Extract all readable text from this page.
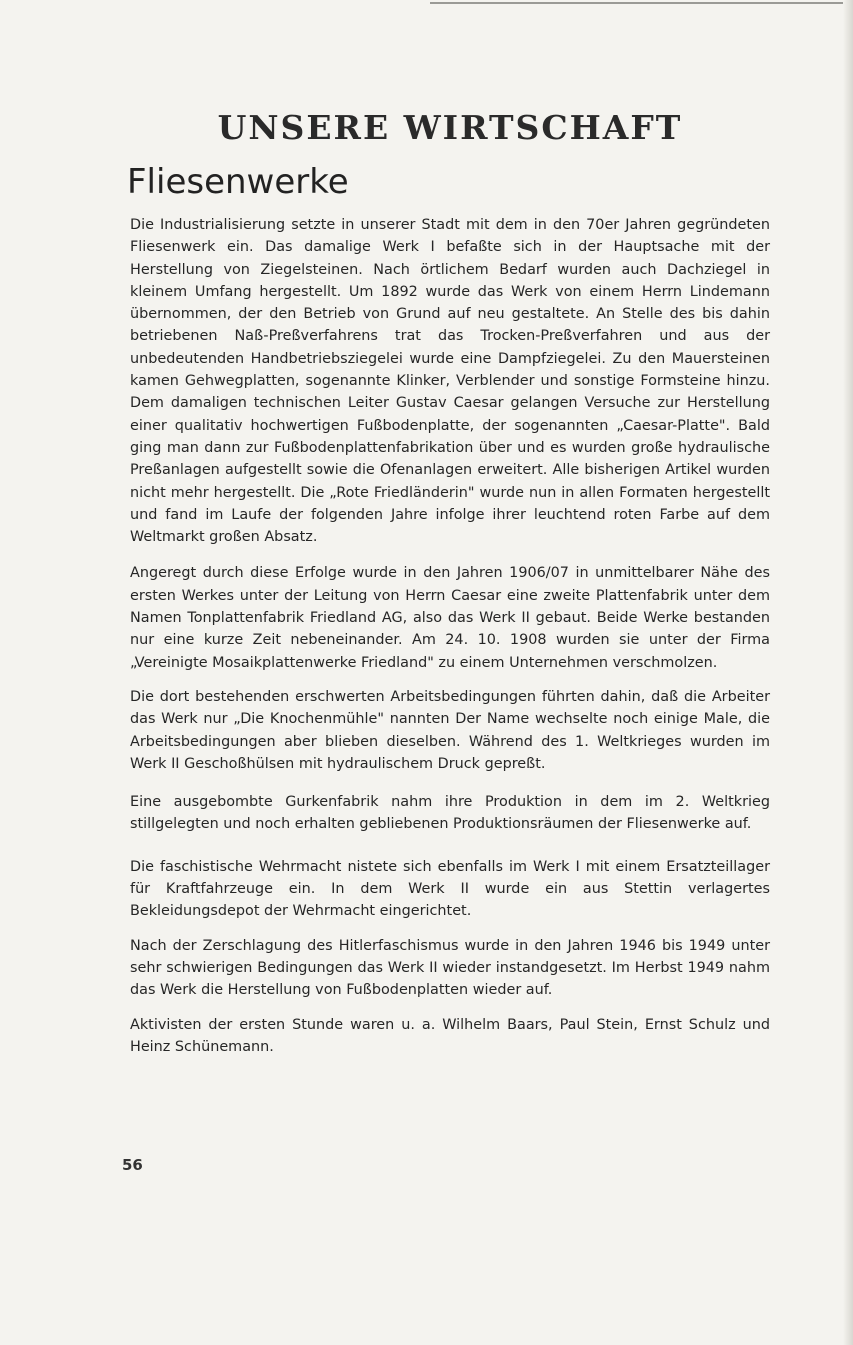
UNSERE WIRTSCHAFT
Fliesenwerke

Die Industrialisierung setzte in unserer Stadt mit dem in den 70er Jahren gegründeten Fliesenwerk ein. Das damalige Werk I befaßte sich in der Hauptsache mit der Herstellung von Ziegelsteinen. Nach örtlichem Bedarf wurden auch Dachziegel in kleinem Umfang hergestellt. Um 1892 wurde das Werk von einem Herrn Lindemann übernommen, der den Betrieb von Grund auf neu gestaltete. An Stelle des bis dahin betriebenen Naß-Preßverfahrens trat das Trocken-Preßverfahren und aus der unbedeutenden Handbetriebsziegelei wurde eine Dampfziegelei. Zu den Mauersteinen kamen Gehwegplatten, sogenannte Klinker, Verblender und sonstige Formsteine hinzu. Dem damaligen technischen Leiter Gustav Caesar gelangen Versuche zur Herstellung einer qualitativ hochwertigen Fußbodenplatte, der sogenannten „Caesar-Platte". Bald ging man dann zur Fußbodenplattenfabrikation über und es wurden große hydraulische Preßanlagen aufgestellt sowie die Ofenanlagen erweitert. Alle bisherigen Artikel wurden nicht mehr hergestellt. Die „Rote Friedländerin" wurde nun in allen Formaten hergestellt und fand im Laufe der folgenden Jahre infolge ihrer leuchtend roten Farbe auf dem Weltmarkt großen Absatz.

Angeregt durch diese Erfolge wurde in den Jahren 1906/07 in unmittelbarer Nähe des ersten Werkes unter der Leitung von Herrn Caesar eine zweite Plattenfabrik unter dem Namen Tonplattenfabrik Friedland AG, also das Werk II gebaut. Beide Werke bestanden nur eine kurze Zeit nebeneinander. Am 24. 10. 1908 wurden sie unter der Firma „Vereinigte Mosaikplattenwerke Friedland" zu einem Unternehmen verschmolzen.

Die dort bestehenden erschwerten Arbeitsbedingungen führten dahin, daß die Arbeiter das Werk nur „Die Knochenmühle" nannten Der Name wechselte noch einige Male, die Arbeitsbedingungen aber blieben dieselben. Während des 1. Weltkrieges wurden im Werk II Geschoßhülsen mit hydraulischem Druck gepreßt.

Eine ausgebombte Gurkenfabrik nahm ihre Produktion in dem im 2. Weltkrieg stillgelegten und noch erhalten gebliebenen Produktionsräumen der Fliesenwerke auf.

Die faschistische Wehrmacht nistete sich ebenfalls im Werk I mit einem Ersatzteillager für Kraftfahrzeuge ein. In dem Werk II wurde ein aus Stettin verlagertes Bekleidungsdepot der Wehrmacht eingerichtet.

Nach der Zerschlagung des Hitlerfaschismus wurde in den Jahren 1946 bis 1949 unter sehr schwierigen Bedingungen das Werk II wieder instandgesetzt. Im Herbst 1949 nahm das Werk die Herstellung von Fußbodenplatten wieder auf.

Aktivisten der ersten Stunde waren u. a. Wilhelm Baars, Paul Stein, Ernst Schulz und Heinz Schünemann.

56
